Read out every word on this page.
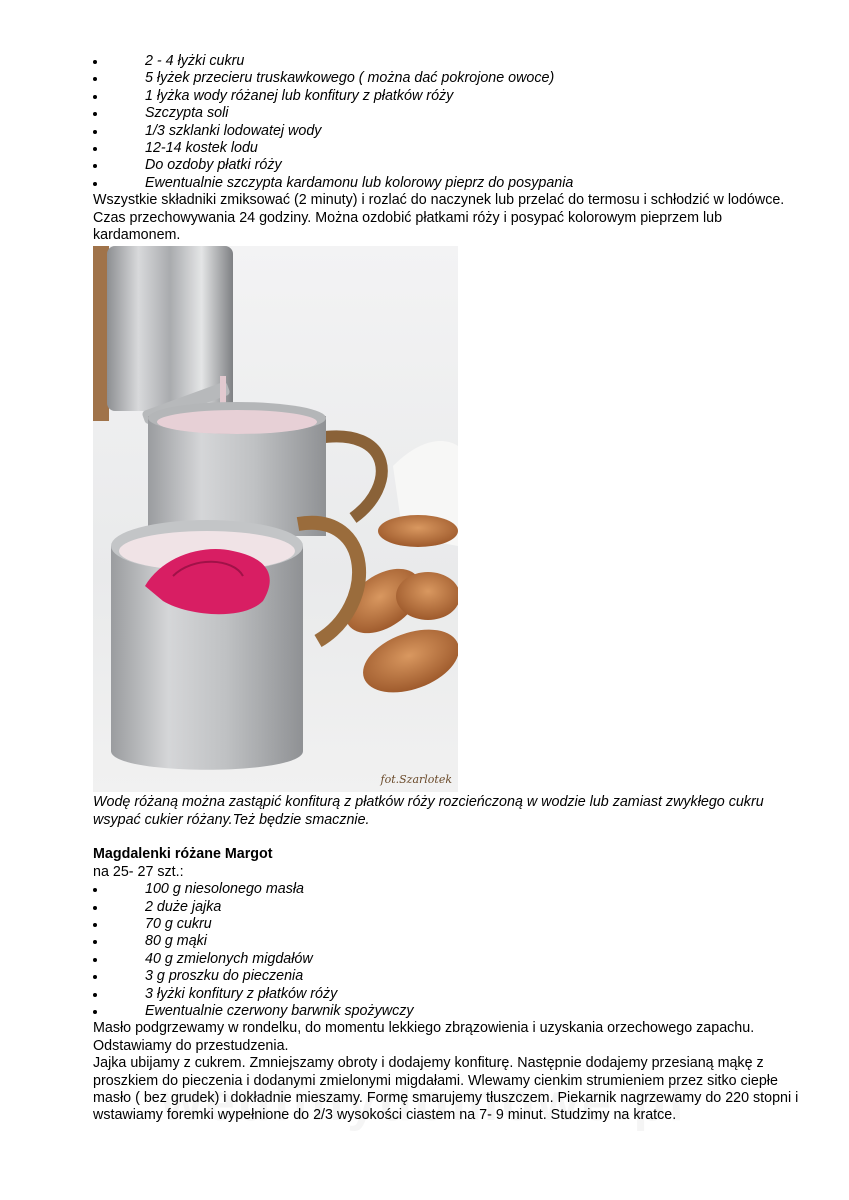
2 - 4 łyżki cukru
5 łyżek przecieru truskawkowego ( można dać pokrojone owoce)
1 łyżka wody różanej lub konfitury z płatków róży
Szczypta soli
1/3 szklanki lodowatej wody
12-14 kostek lodu
Do ozdoby płatki róży
Ewentualnie szczypta kardamonu lub kolorowy pieprz do posypania

Wszystkie składniki zmiksować (2 minuty) i rozlać do naczynek lub przelać do termosu i schłodzić w lodówce. Czas przechowywania 24 godziny. Można ozdobić płatkami róży i posypać kolorowym pieprzem lub kardamonem.

fot.Szarlotek

Wodę różaną można zastąpić konfiturą z płatków róży rozcieńczoną w wodzie lub zamiast zwykłego cukru wsypać cukier różany.Też będzie smacznie.

Magdalenki różane Margot

na 25- 27 szt.:

100 g niesolonego masła
2 duże jajka
70 g cukru
80 g mąki
40 g zmielonych migdałów
3 g proszku do pieczenia
3 łyżki konfitury z płatków róży
Ewentualnie czerwony barwnik spożywczy

Masło podgrzewamy w rondelku, do momentu lekkiego zbrązowienia i uzyskania orzechowego zapachu. Odstawiamy do przestudzenia.

Jajka ubijamy z cukrem. Zmniejszamy obroty i dodajemy konfiturę. Następnie dodajemy przesianą mąkę z proszkiem do pieczenia i dodanymi zmielonymi migdałami. Wlewamy cienkim strumieniem przez sitko ciepłe masło ( bez grudek) i dokładnie mieszamy. Formę smarujemy tłuszczem. Piekarnik nagrzewamy do 220 stopni i wstawiamy foremki wypełnione do 2/3 wysokości ciastem na 7- 9 minut. Studzimy na kratce.
